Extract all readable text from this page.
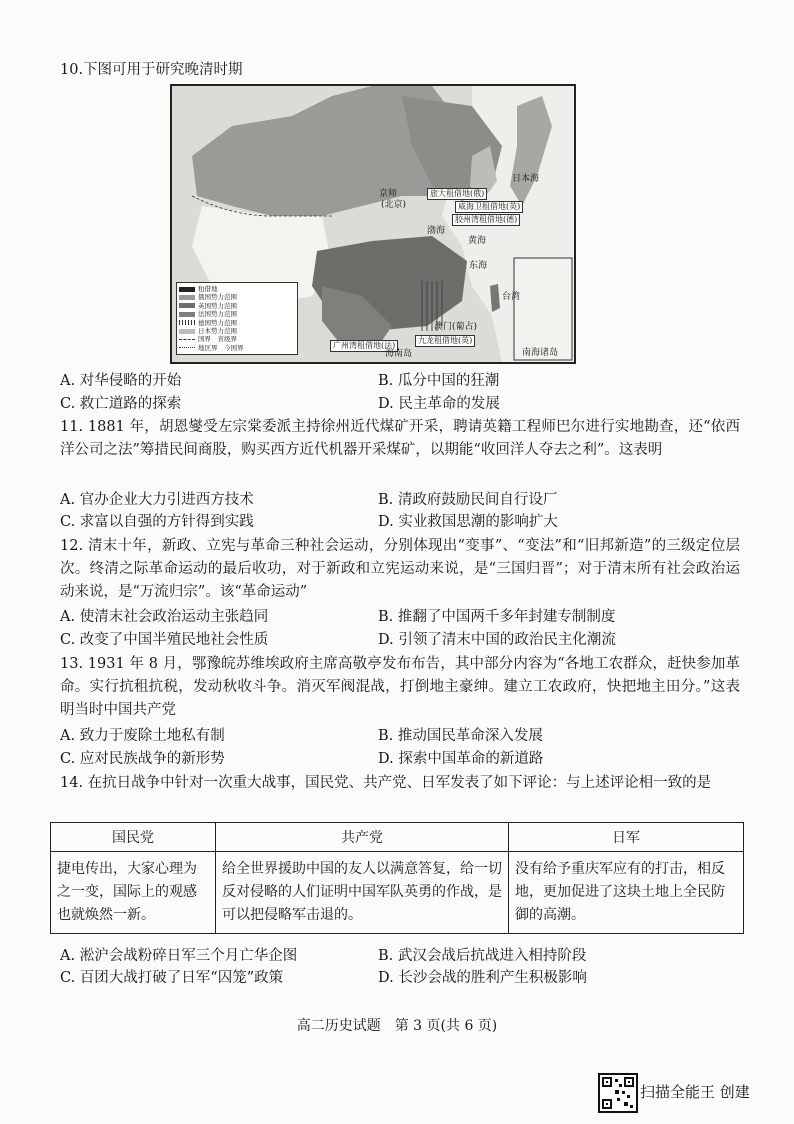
10.下图可用于研究晚清时期
京师
(北京)
旅大租借地(俄)
威海卫租借地(英)
胶州湾租借地(德)
广州湾租借地(法)
九龙租借地(英)
南海诸岛
日本海
东海
黄海
渤海
海南岛
台湾
澳门(葡占)
租借地
俄国势力范围
英国势力范围
法国势力范围
德国势力范围
日本势力范围
国界　 省级界
地区界　 今国界
A. 对华侵略的开始	B. 瓜分中国的狂潮
C. 救亡道路的探索	D. 民主革命的发展
11. 1881 年，胡恩燮受左宗棠委派主持徐州近代煤矿开采，聘请英籍工程师巴尔进行实地勘查，还“依西洋公司之法”筹措民间商股，购买西方近代机器开采煤矿，以期能“收回洋人夺去之利”。这表明
A. 官办企业大力引进西方技术	B. 清政府鼓励民间自行设厂
C. 求富以自强的方针得到实践	D. 实业救国思潮的影响扩大
12. 清末十年，新政、立宪与革命三种社会运动，分别体现出“变事”、“变法”和“旧邦新造”的三级定位层次。终清之际革命运动的最后收功，对于新政和立宪运动来说，是“三国归晋”；对于清末所有社会政治运动来说，是“万流归宗”。该“革命运动”
A. 使清末社会政治运动主张趋同	B. 推翻了中国两千多年封建专制制度
C. 改变了中国半殖民地社会性质	D. 引领了清末中国的政治民主化潮流
13. 1931 年 8 月，鄂豫皖苏维埃政府主席高敬亭发布布告，其中部分内容为“各地工农群众，赶快参加革命。实行抗租抗税，发动秋收斗争。消灭军阀混战，打倒地主豪绅。建立工农政府，快把地主田分。”这表明当时中国共产党
A. 致力于废除土地私有制	B. 推动国民革命深入发展
C. 应对民族战争的新形势	D. 探索中国革命的新道路
14. 在抗日战争中针对一次重大战事，国民党、共产党、日军发表了如下评论：与上述评论相一致的是
国民党	共产党	日军
捷电传出，大家心理为之一变，国际上的观感也就焕然一新。	给全世界援助中国的友人以满意答复，给一切反对侵略的人们证明中国军队英勇的作战，是可以把侵略军击退的。	没有给予重庆军应有的打击，相反地，更加促进了这块土地上全民防御的高潮。
A. 淞沪会战粉碎日军三个月亡华企图	B. 武汉会战后抗战进入相持阶段
C. 百团大战打破了日军“囚笼”政策	D. 长沙会战的胜利产生积极影响
高二历史试题　第 3 页(共 6 页)
扫描全能王 创建
